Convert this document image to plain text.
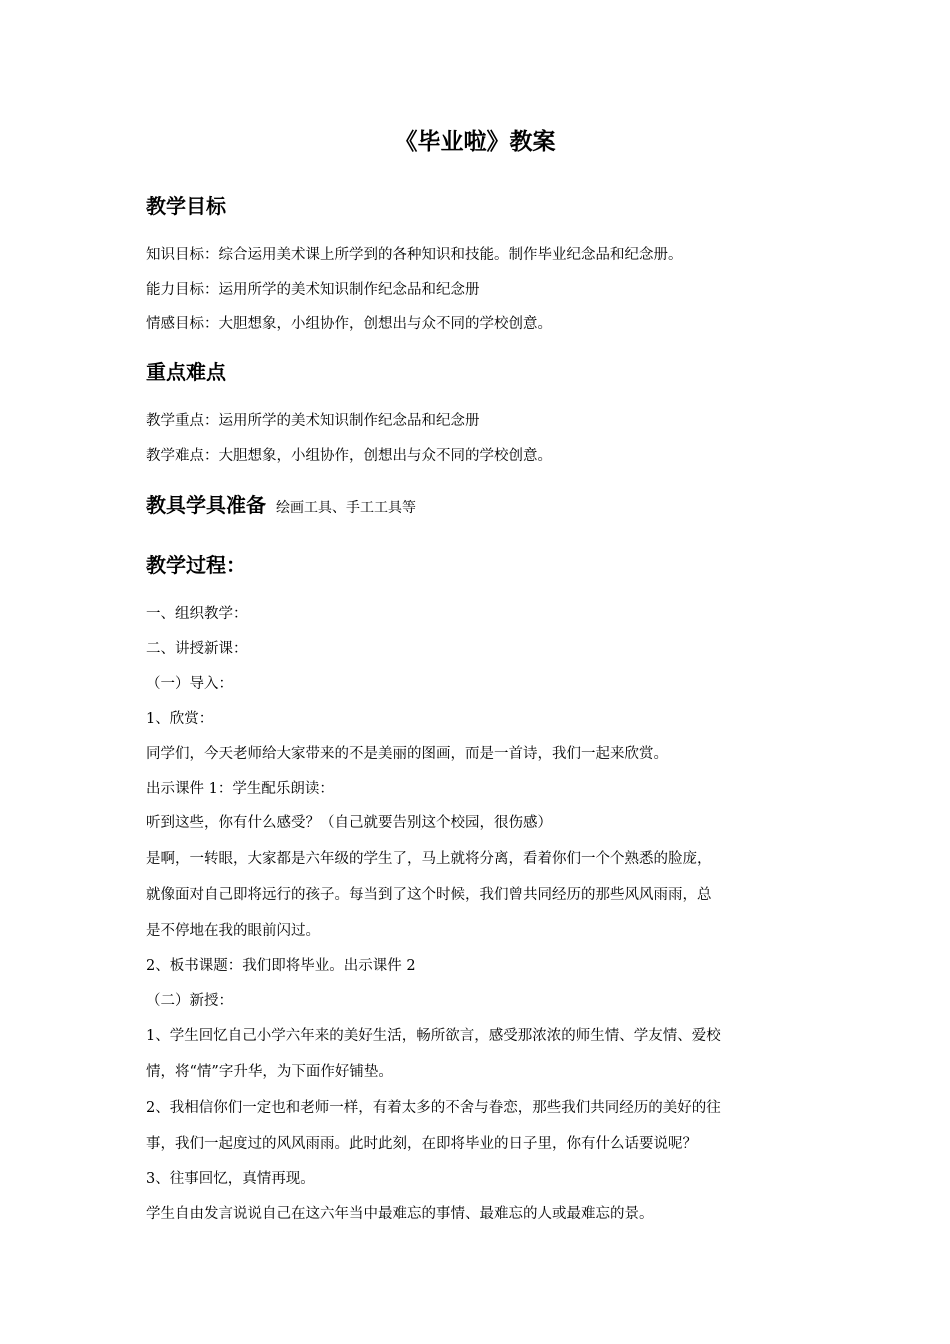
《毕业啦》教案
教学目标
知识目标：综合运用美术课上所学到的各种知识和技能。制作毕业纪念品和纪念册。
能力目标：运用所学的美术知识制作纪念品和纪念册
情感目标：大胆想象，小组协作，创想出与众不同的学校创意。
重点难点
教学重点：运用所学的美术知识制作纪念品和纪念册
教学难点：大胆想象，小组协作，创想出与众不同的学校创意。
教具学具准备 绘画工具、手工工具等
教学过程：
一、组织教学：
二、讲授新课：
（一）导入：
1、欣赏：
同学们，今天老师给大家带来的不是美丽的图画，而是一首诗，我们一起来欣赏。
出示课件 1：学生配乐朗读：
听到这些，你有什么感受？（自己就要告别这个校园，很伤感）
是啊，一转眼，大家都是六年级的学生了，马上就将分离，看着你们一个个熟悉的脸庞，
就像面对自己即将远行的孩子。每当到了这个时候，我们曾共同经历的那些风风雨雨，总
是不停地在我的眼前闪过。
2、板书课题：我们即将毕业。出示课件 2
（二）新授：
1、学生回忆自己小学六年来的美好生活，畅所欲言，感受那浓浓的师生情、学友情、爱校
情，将“情”字升华，为下面作好铺垫。
2、我相信你们一定也和老师一样，有着太多的不舍与眷恋，那些我们共同经历的美好的往
事，我们一起度过的风风雨雨。此时此刻，在即将毕业的日子里，你有什么话要说呢？
3、往事回忆，真情再现。
学生自由发言说说自己在这六年当中最难忘的事情、最难忘的人或最难忘的景。
